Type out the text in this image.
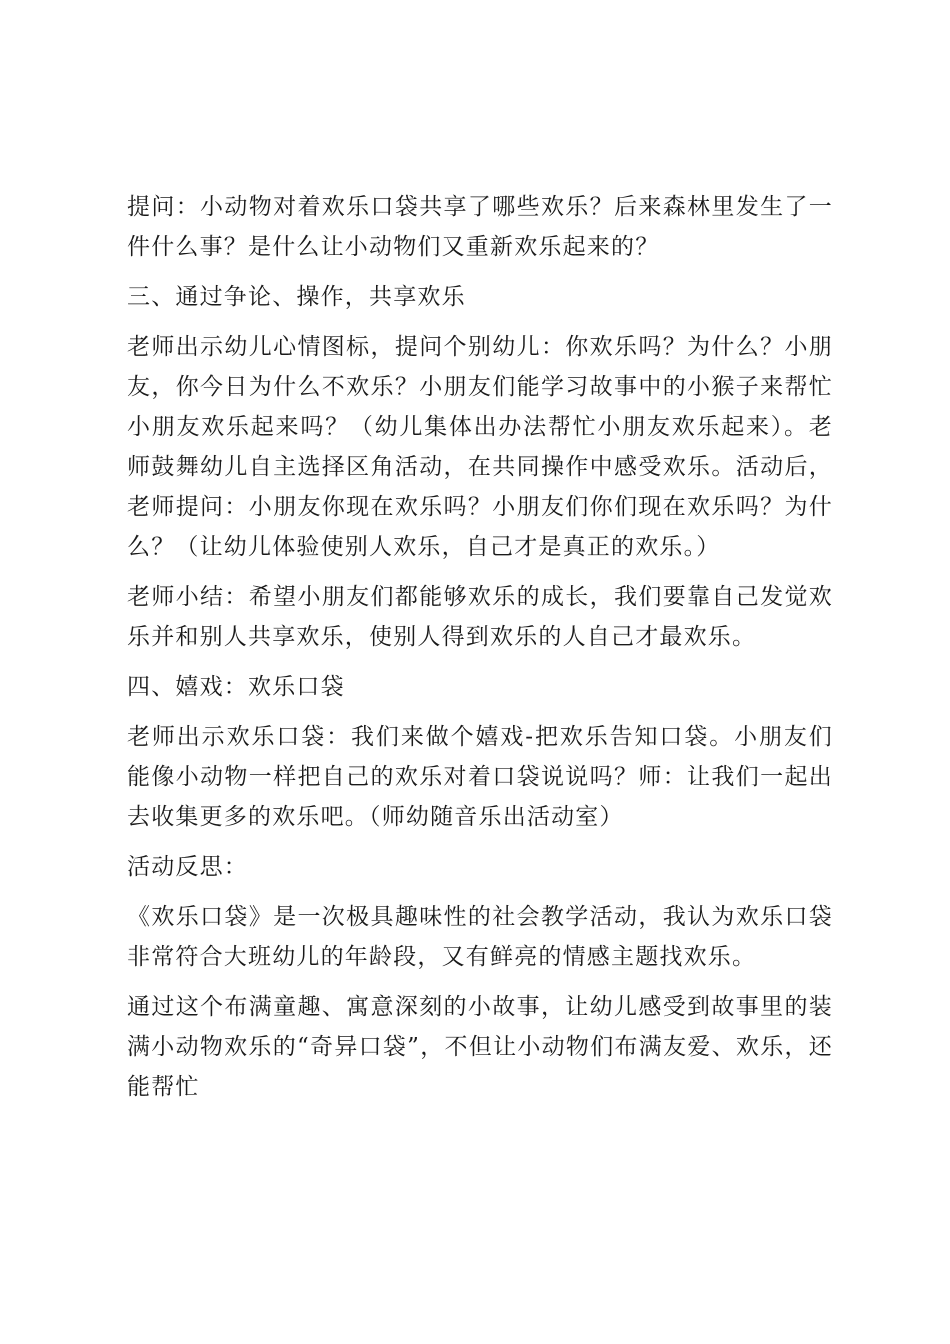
提问：小动物对着欢乐口袋共享了哪些欢乐？后来森林里发生了一件什么事？是什么让小动物们又重新欢乐起来的？

三、通过争论、操作，共享欢乐

老师出示幼儿心情图标，提问个别幼儿：你欢乐吗？为什么？小朋友，你今日为什么不欢乐？小朋友们能学习故事中的小猴子来帮忙小朋友欢乐起来吗？（幼儿集体出办法帮忙小朋友欢乐起来）。老师鼓舞幼儿自主选择区角活动，在共同操作中感受欢乐。活动后，老师提问：小朋友你现在欢乐吗？小朋友们你们现在欢乐吗？为什么？（让幼儿体验使别人欢乐，自己才是真正的欢乐。）

老师小结：希望小朋友们都能够欢乐的成长，我们要靠自己发觉欢乐并和别人共享欢乐，使别人得到欢乐的人自己才最欢乐。

四、嬉戏：欢乐口袋

老师出示欢乐口袋：我们来做个嬉戏-把欢乐告知口袋。小朋友们能像小动物一样把自己的欢乐对着口袋说说吗？师：让我们一起出去收集更多的欢乐吧。（师幼随音乐出活动室）

活动反思：

《欢乐口袋》是一次极具趣味性的社会教学活动，我认为欢乐口袋非常符合大班幼儿的年龄段，又有鲜亮的情感主题找欢乐。

通过这个布满童趣、寓意深刻的小故事，让幼儿感受到故事里的装满小动物欢乐的“奇异口袋”，不但让小动物们布满友爱、欢乐，还能帮忙
